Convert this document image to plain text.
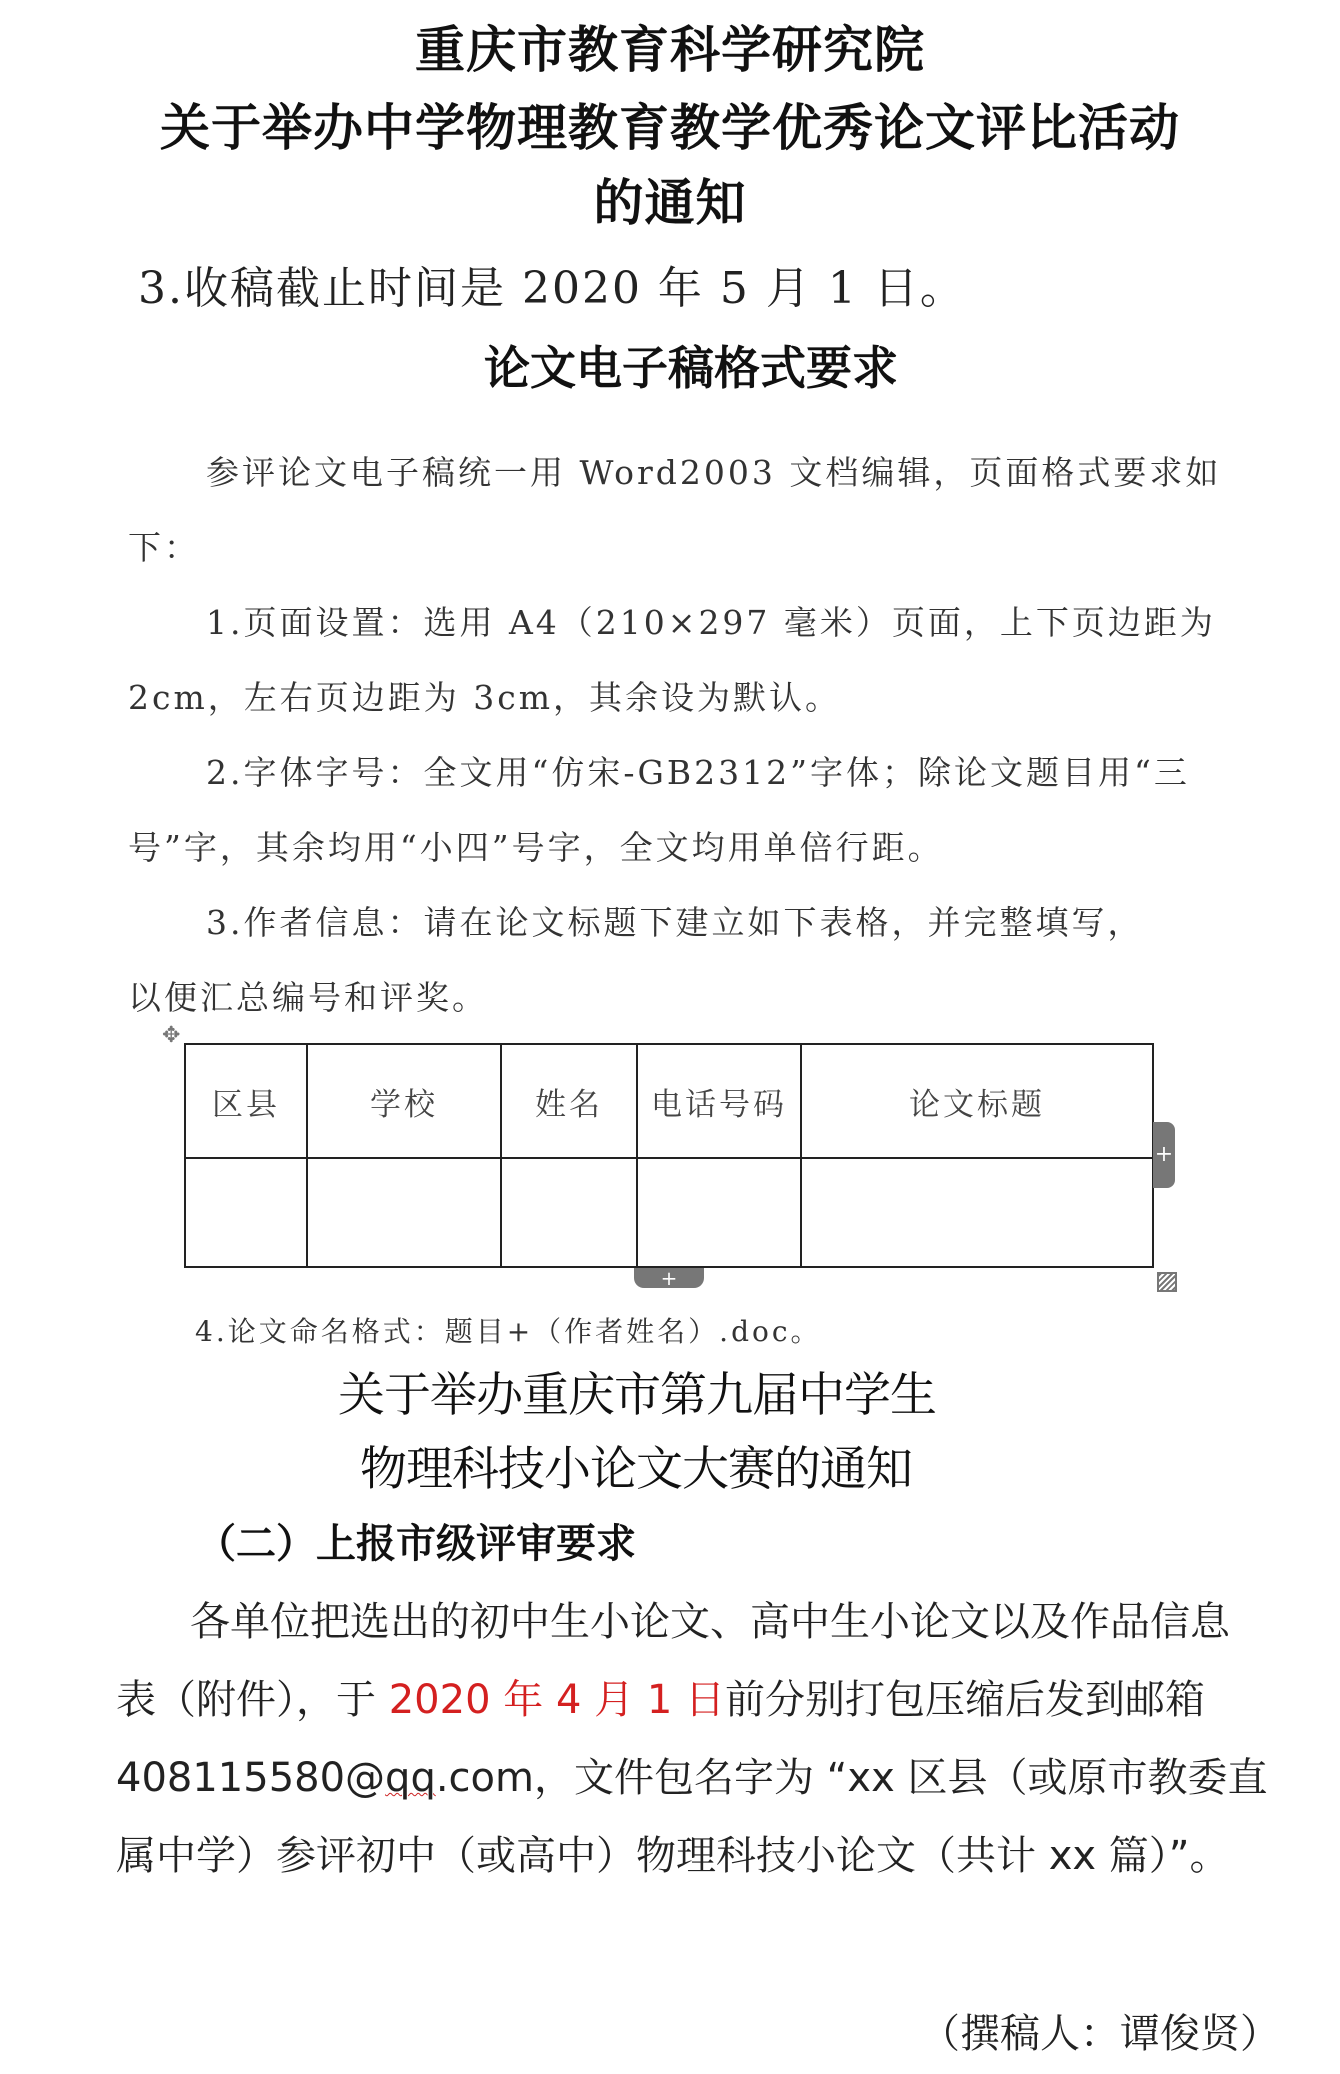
重庆市教育科学研究院
关于举办中学物理教育教学优秀论文评比活动
的通知
3.收稿截止时间是 2020 年 5 月 1 日。
论文电子稿格式要求
参评论文电子稿统一用 Word2003 文档编辑，页面格式要求如
下：
1.页面设置：选用 A4（210×297 毫米）页面，上下页边距为
2cm，左右页边距为 3cm，其余设为默认。
2.字体字号：全文用“仿宋-GB2312”字体；除论文题目用“三
号”字，其余均用“小四”号字，全文均用单倍行距。
3.作者信息：请在论文标题下建立如下表格，并完整填写，
以便汇总编号和评奖。
✥
区县	学校	姓名	电话号码	论文标题

+
+
4.论文命名格式：题目+（作者姓名）.doc。
关于举办重庆市第九届中学生
物理科技小论文大赛的通知
（二）上报市级评审要求
各单位把选出的初中生小论文、高中生小论文以及作品信息
表（附件），于 2020 年 4 月 1 日前分别打包压缩后发到邮箱
408115580@qq.com，文件包名字为 “xx 区县（或原市教委直
属中学）参评初中（或高中）物理科技小论文（共计 xx 篇）”。
（撰稿人：谭俊贤）
